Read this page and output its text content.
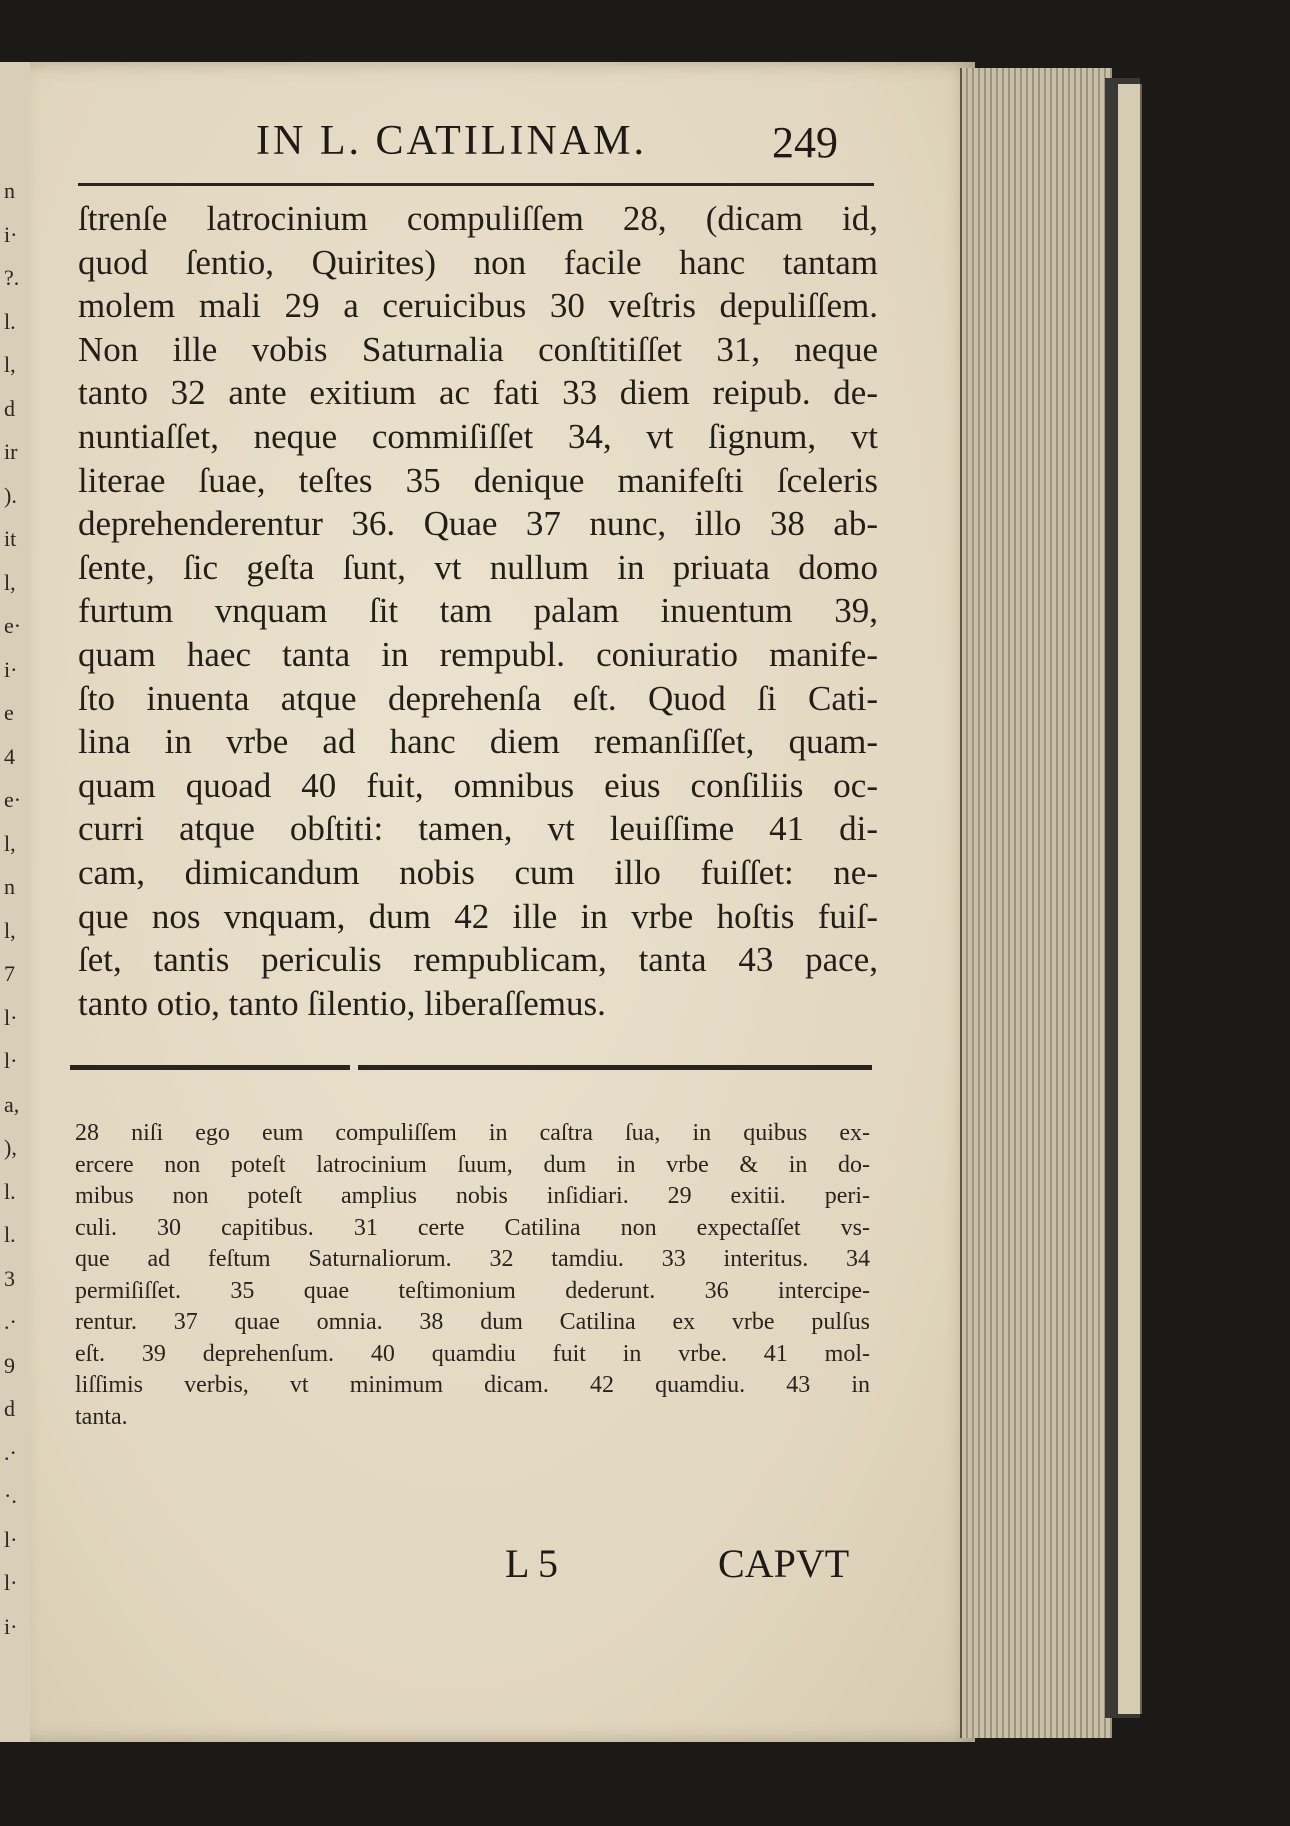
n
i·
?.
l.
l,
d
ir
).
it
l,
e·
i·
e
4
e·
l,
n
l,
7
l·
l·
a,
),
l.
l.
3
.·
9
d
.·
·.
l·
l·
i·
IN L. CATILINAM.	249
ſtrenſe latrocinium compuliſſem 28, (dicam id,
quod ſentio, Quirites) non facile hanc tantam
molem mali 29 a ceruicibus 30 veſtris depuliſſem.
Non ille vobis Saturnalia conſtitiſſet 31, neque
tanto 32 ante exitium ac fati 33 diem reipub. de-
nuntiaſſet, neque commiſiſſet 34, vt ſignum, vt
literae ſuae, teſtes 35 denique manifeſti ſceleris
deprehenderentur 36. Quae 37 nunc, illo 38 ab-
ſente, ſic geſta ſunt, vt nullum in priuata domo
furtum vnquam ſit tam palam inuentum 39,
quam haec tanta in rempubl. coniuratio manife-
ſto inuenta atque deprehenſa eſt. Quod ſi Cati-
lina in vrbe ad hanc diem remanſiſſet, quam-
quam quoad 40 fuit, omnibus eius conſiliis oc-
curri atque obſtiti: tamen, vt leuiſſime 41 di-
cam, dimicandum nobis cum illo fuiſſet: ne-
que nos vnquam, dum 42 ille in vrbe hoſtis fuiſ-
ſet, tantis periculis rempublicam, tanta 43 pace,
tanto otio, tanto ſilentio, liberaſſemus.
28 niſi ego eum compuliſſem in caſtra ſua, in quibus ex-
ercere non poteſt latrocinium ſuum, dum in vrbe & in do-
mibus non poteſt amplius nobis inſidiari. 29 exitii. peri-
culi. 30 capitibus. 31 certe Catilina non expectaſſet vs-
que ad feſtum Saturnaliorum. 32 tamdiu. 33 interitus. 34
permiſiſſet. 35 quae teſtimonium dederunt. 36 intercipe-
rentur. 37 quae omnia. 38 dum Catilina ex vrbe pulſus
eſt. 39 deprehenſum. 40 quamdiu fuit in vrbe. 41 mol-
liſſimis verbis, vt minimum dicam. 42 quamdiu. 43 in
tanta.
L 5	CAPVT
